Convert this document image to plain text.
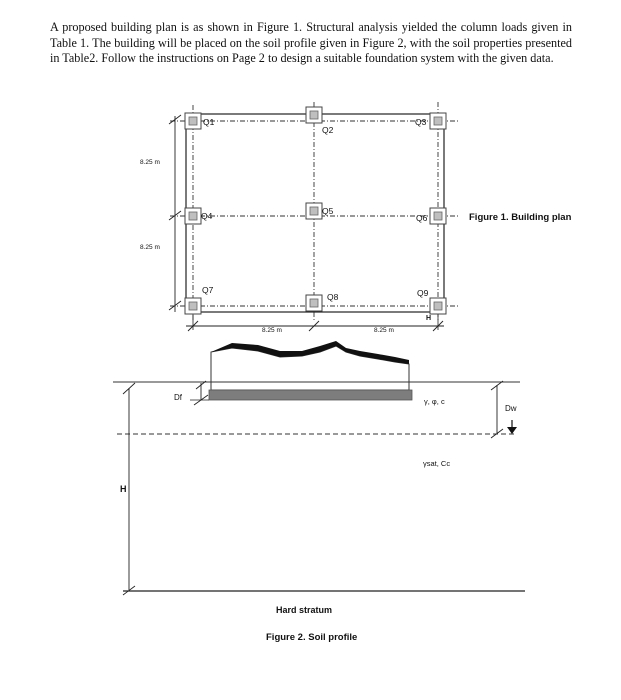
A proposed building plan is as shown in Figure 1. Structural analysis yielded the column loads given in Table 1. The building will be placed on the soil profile given in Figure 2, with the soil properties presented in Table2. Follow the instructions on Page 2 to design a suitable foundation system with the given data.

Q1
Q2
Q3
Q4	Q5
Q6
Q7
Q8	Q9
8.25 m
8.25 m
8.25 m	8.25 m
H
Figure 1. Building plan
H
Df
Dw
γ, φ, c
γsat, Cc
Hard stratum
Figure 2. Soil profile
